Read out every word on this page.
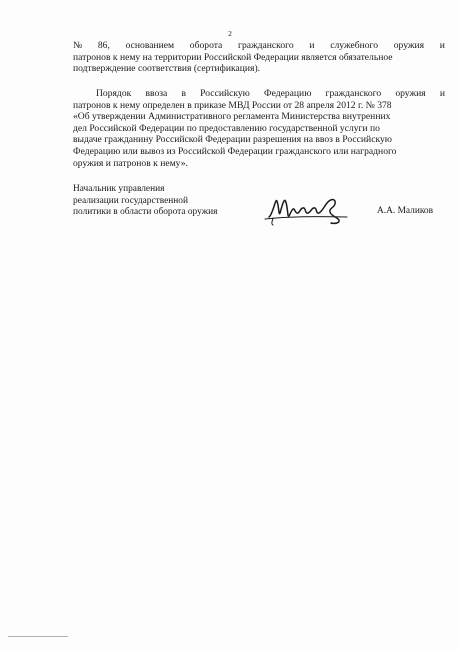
2
№ 86, основанием оборота гражданского и служебного оружия и
патронов к нему на территории Российской Федерации является обязательное
подтверждение соответствия (сертификация).
Порядок ввоза в Российскую Федерацию гражданского оружия и
патронов к нему определен в приказе МВД России от 28 апреля 2012 г. № 378
«Об утверждении Административного регламента Министерства внутренних
дел Российской Федерации по предоставлению государственной услуги по
выдаче гражданину Российской Федерации разрешения на ввоз в Российскую
Федерацию или вывоз из Российской Федерации гражданского или наградного
оружия и патронов к нему».
Начальник управления
реализации государственной
политики в области оборота оружия	А.А. Маликов
